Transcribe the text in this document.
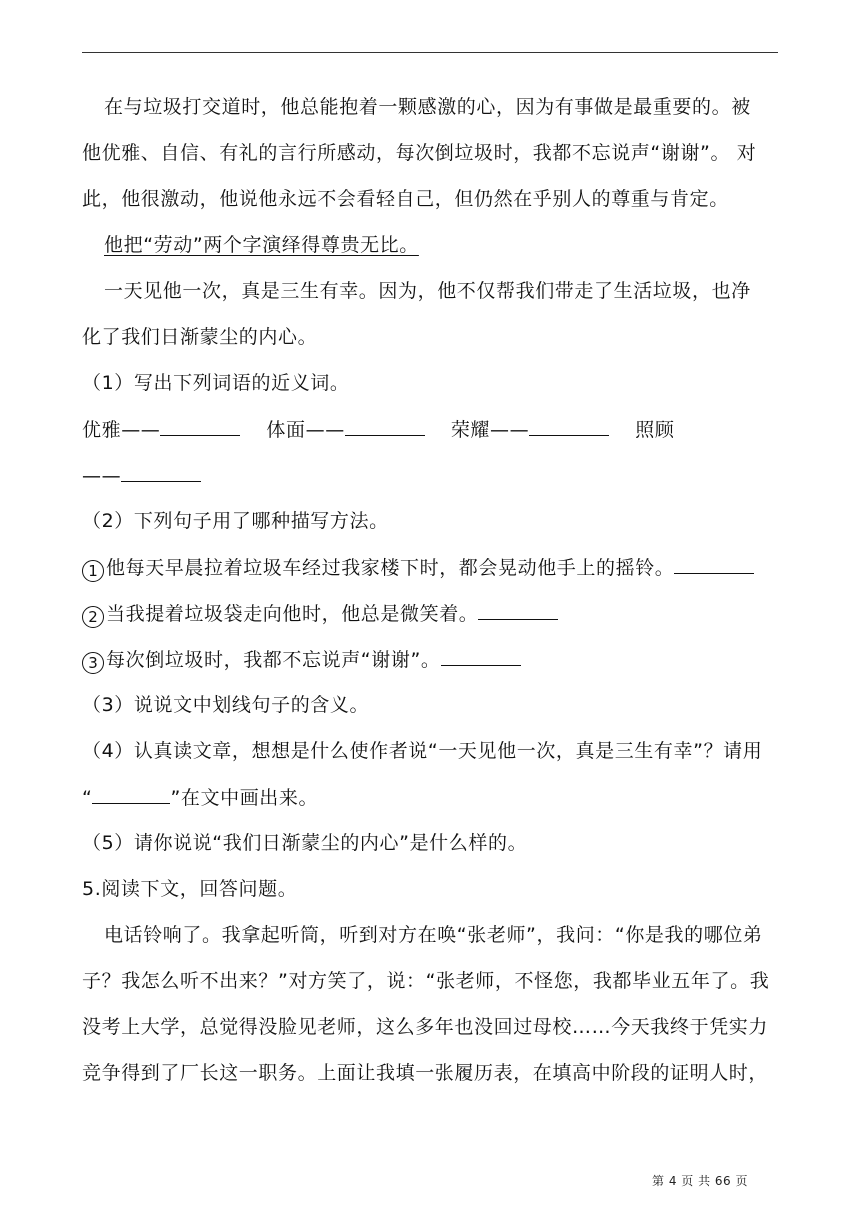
在与垃圾打交道时，他总能抱着一颗感激的心，因为有事做是最重要的。被
他优雅、自信、有礼的言行所感动，每次倒垃圾时，我都不忘说声“谢谢”。 对
此，他很激动，他说他永远不会看轻自己，但仍然在乎别人的尊重与肯定。
他把“劳动”两个字演绎得尊贵无比。
一天见他一次，真是三生有幸。因为，他不仅帮我们带走了生活垃圾，也净
化了我们日渐蒙尘的内心。
（1）写出下列词语的近义词。
优雅——	体面——	荣耀——	照顾
——
（2）下列句子用了哪种描写方法。
1 他每天早晨拉着垃圾车经过我家楼下时，都会晃动他手上的摇铃。
2 当我提着垃圾袋走向他时，他总是微笑着。
3 每次倒垃圾时，我都不忘说声“谢谢”。
（3）说说文中划线句子的含义。
（4）认真读文章，想想是什么使作者说“一天见他一次，真是三生有幸”？请用
“	”在文中画出来。
（5）请你说说“我们日渐蒙尘的内心”是什么样的。
5.阅读下文，回答问题。
电话铃响了。我拿起听筒，听到对方在唤“张老师”，我问：“你是我的哪位弟
子？我怎么听不出来？”对方笑了，说：“张老师，不怪您，我都毕业五年了。我
没考上大学，总觉得没脸见老师，这么多年也没回过母校……今天我终于凭实力
竞争得到了厂长这一职务。上面让我填一张履历表，在填高中阶段的证明人时，
第 4 页 共 66 页
